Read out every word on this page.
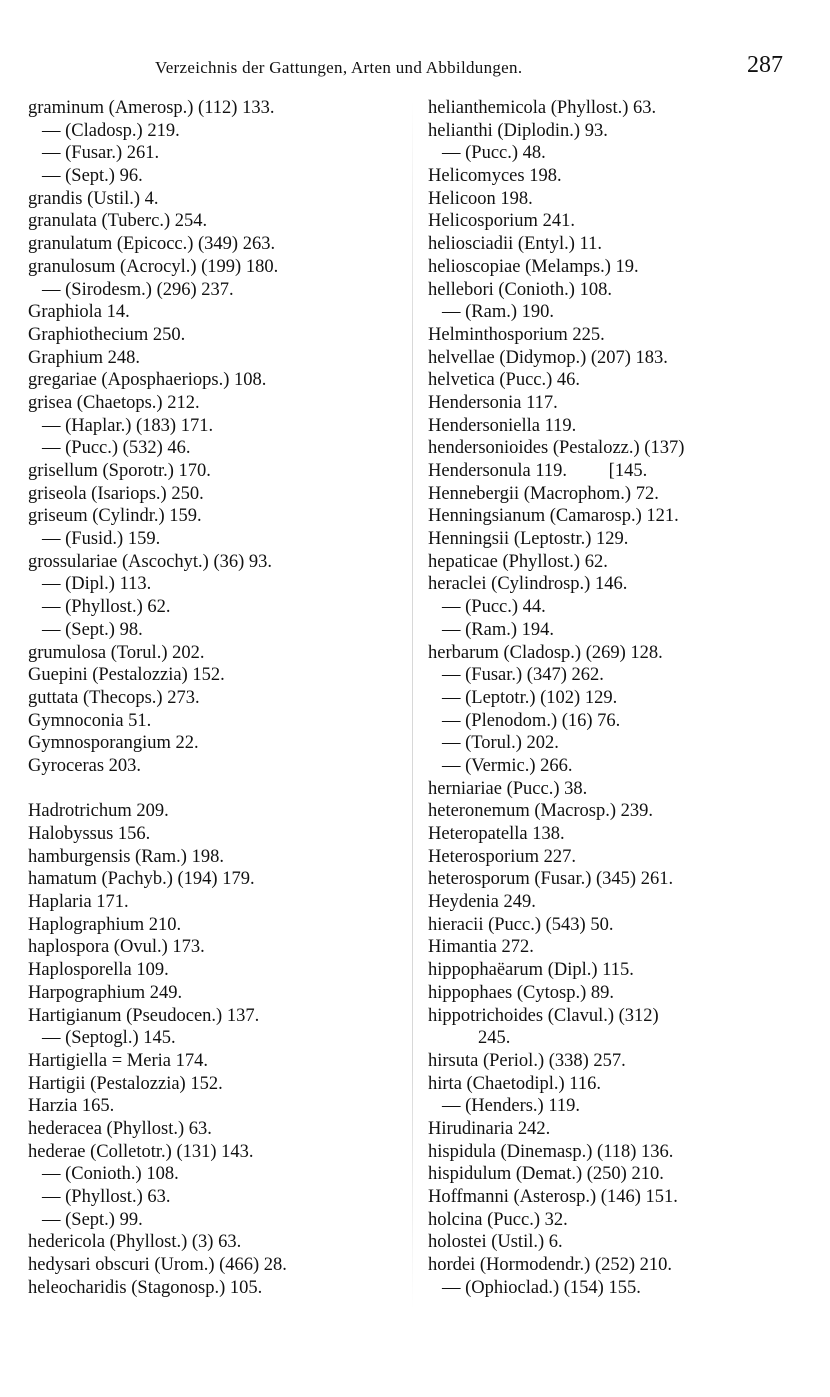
Verzeichnis der Gattungen, Arten und Abbildungen.	287
graminum (Amerosp.) (112) 133.
— (Cladosp.) 219.
— (Fusar.) 261.
— (Sept.) 96.
grandis (Ustil.) 4.
granulata (Tuberc.) 254.
granulatum (Epicocc.) (349) 263.
granulosum (Acrocyl.) (199) 180.
— (Sirodesm.) (296) 237.
Graphiola 14.
Graphiothecium 250.
Graphium 248.
gregariae (Aposphaeriops.) 108.
grisea (Chaetops.) 212.
— (Haplar.) (183) 171.
— (Pucc.) (532) 46.
grisellum (Sporotr.) 170.
griseola (Isariops.) 250.
griseum (Cylindr.) 159.
— (Fusid.) 159.
grossulariae (Ascochyt.) (36) 93.
— (Dipl.) 113.
— (Phyllost.) 62.
— (Sept.) 98.
grumulosa (Torul.) 202.
Guepini (Pestalozzia) 152.
guttata (Thecops.) 273.
Gymnoconia 51.
Gymnosporangium 22.
Gyroceras 203.
Hadrotrichum 209.
Halobyssus 156.
hamburgensis (Ram.) 198.
hamatum (Pachyb.) (194) 179.
Haplaria 171.
Haplographium 210.
haplospora (Ovul.) 173.
Haplosporella 109.
Harpographium 249.
Hartigianum (Pseudocen.) 137.
— (Septogl.) 145.
Hartigiella = Meria 174.
Hartigii (Pestalozzia) 152.
Harzia 165.
hederacea (Phyllost.) 63.
hederae (Colletotr.) (131) 143.
— (Conioth.) 108.
— (Phyllost.) 63.
— (Sept.) 99.
hedericola (Phyllost.) (3) 63.
hedysari obscuri (Urom.) (466) 28.
heleocharidis (Stagonosp.) 105.
helianthemicola (Phyllost.) 63.
helianthi (Diplodin.) 93.
— (Pucc.) 48.
Helicomyces 198.
Helicoon 198.
Helicosporium 241.
heliosciadii (Entyl.) 11.
helioscopiae (Melamps.) 19.
hellebori (Conioth.) 108.
— (Ram.) 190.
Helminthosporium 225.
helvellae (Didymop.) (207) 183.
helvetica (Pucc.) 46.
Hendersonia 117.
Hendersoniella 119.
hendersonioides (Pestalozz.) (137)
Hendersonula 119.         [145.
Hennebergii (Macrophom.) 72.
Henningsianum (Camarosp.) 121.
Henningsii (Leptostr.) 129.
hepaticae (Phyllost.) 62.
heraclei (Cylindrosp.) 146.
— (Pucc.) 44.
— (Ram.) 194.
herbarum (Cladosp.) (269) 128.
— (Fusar.) (347) 262.
— (Leptotr.) (102) 129.
— (Plenodom.) (16) 76.
— (Torul.) 202.
— (Vermic.) 266.
herniariae (Pucc.) 38.
heteronemum (Macrosp.) 239.
Heteropatella 138.
Heterosporium 227.
heterosporum (Fusar.) (345) 261.
Heydenia 249.
hieracii (Pucc.) (543) 50.
Himantia 272.
hippophaëarum (Dipl.) 115.
hippophaes (Cytosp.) 89.
hippotrichoides (Clavul.) (312)
245.
hirsuta (Periol.) (338) 257.
hirta (Chaetodipl.) 116.
— (Henders.) 119.
Hirudinaria 242.
hispidula (Dinemasp.) (118) 136.
hispidulum (Demat.) (250) 210.
Hoffmanni (Asterosp.) (146) 151.
holcina (Pucc.) 32.
holostei (Ustil.) 6.
hordei (Hormodendr.) (252) 210.
— (Ophioclad.) (154) 155.
